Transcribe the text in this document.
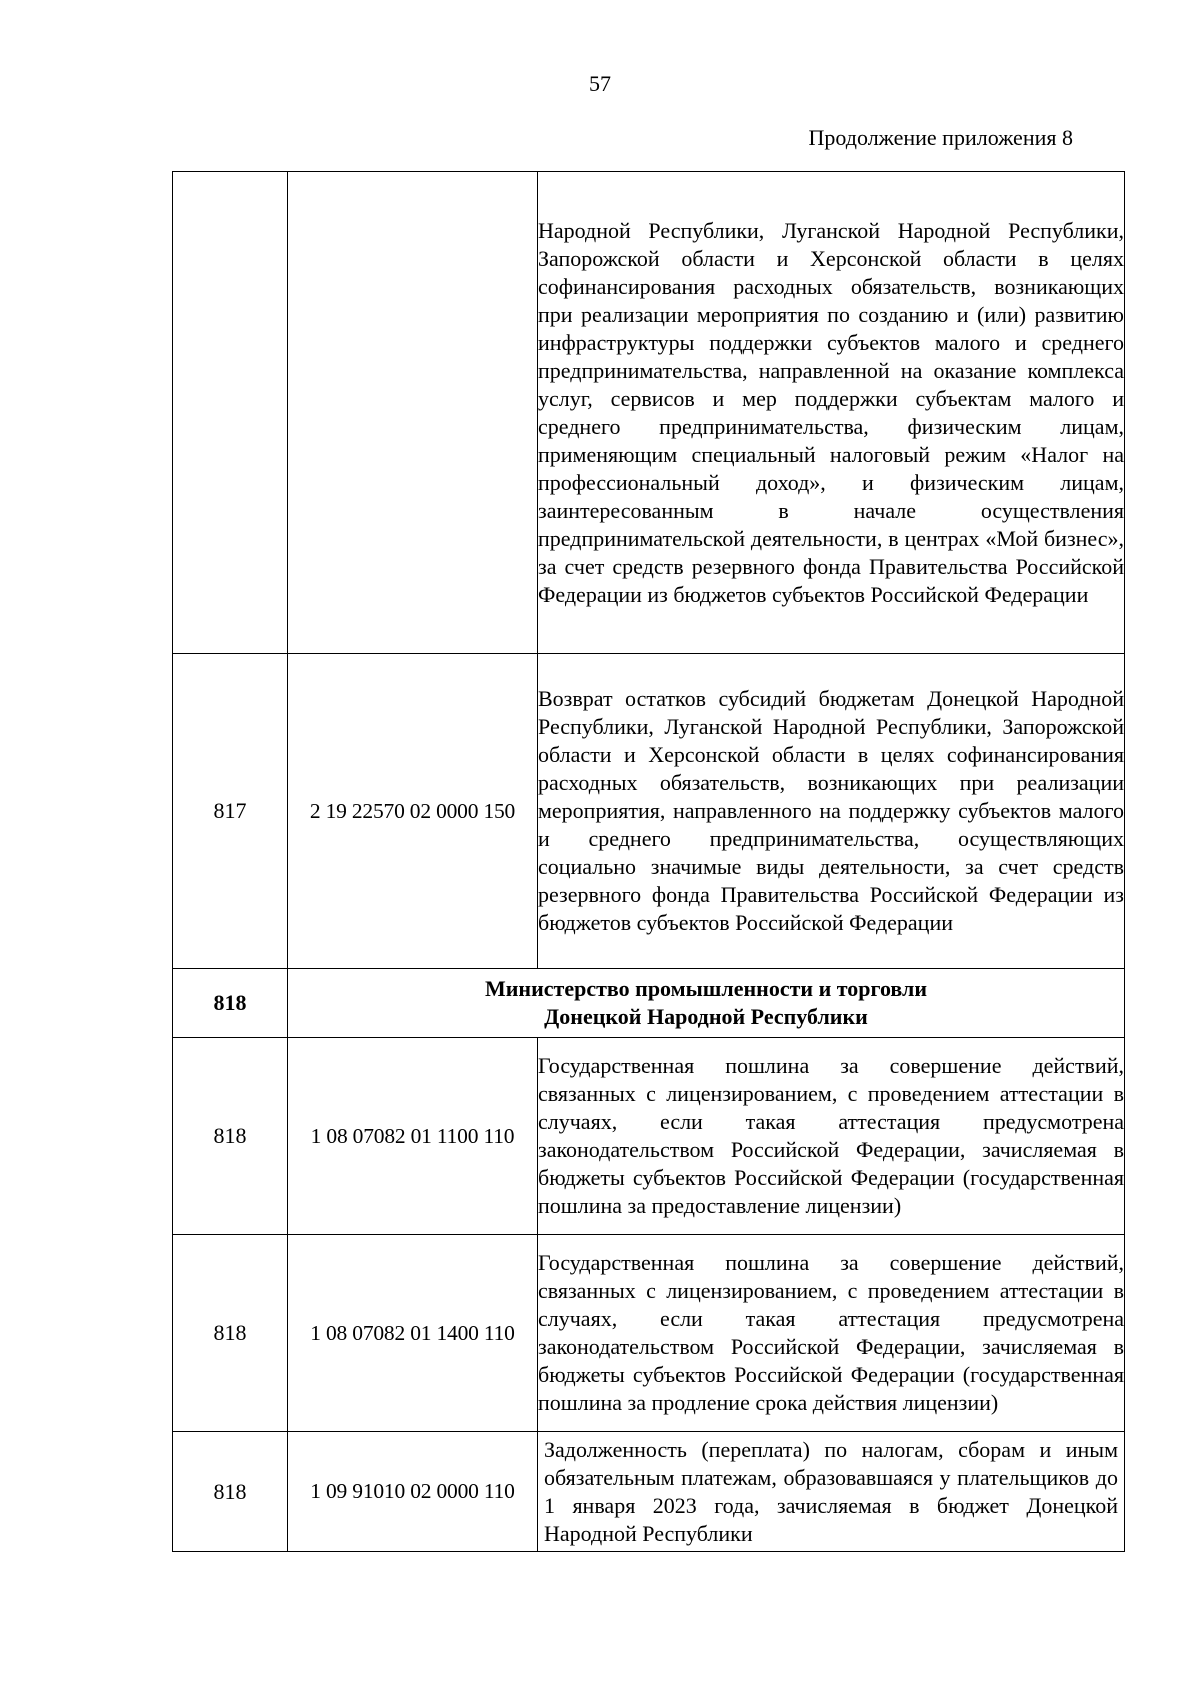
57
Продолжение приложения 8
		Народной Республики, Луганской Народной Республики, Запорожской области и Херсонской области в целях софинансирования расходных обязательств, возникающих при реализации мероприятия по созданию и (или) развитию инфраструктуры поддержки субъектов малого и среднего предпринимательства, направленной на оказание комплекса услуг, сервисов и мер поддержки субъектам малого и среднего предпринимательства, физическим лицам, применяющим специальный налоговый режим «Налог на профессиональный доход», и физическим лицам, заинтересованным в начале осуществления предпринимательской деятельности, в центрах «Мой бизнес», за счет средств резервного фонда Правительства Российской Федерации из бюджетов субъектов Российской Федерации
817	2 19 22570 02 0000 150	Возврат остатков субсидий бюджетам Донецкой Народной Республики, Луганской Народной Республики, Запорожской области и Херсонской области в целях софинансирования расходных обязательств, возникающих при реализации мероприятия, направленного на поддержку субъектов малого и среднего предпринимательства, осуществляющих социально значимые виды деятельности, за счет средств резервного фонда Правительства Российской Федерации из бюджетов субъектов Российской Федерации
818	Министерство промышленности и торговли
Донецкой Народной Республики	

818	1 08 07082 01 1100 110	Государственная пошлина за совершение действий, связанных с лицензированием, с проведением аттестации в случаях, если такая аттестация предусмотрена законодательством Российской Федерации, зачисляемая в бюджеты субъектов Российской Федерации (государственная пошлина за предоставление лицензии)
818	1 08 07082 01 1400 110	Государственная пошлина за совершение действий, связанных с лицензированием, с проведением аттестации в случаях, если такая аттестация предусмотрена законодательством Российской Федерации, зачисляемая в бюджеты субъектов Российской Федерации (государственная пошлина за продление срока действия лицензии)
818	1 09 91010 02 0000 110	Задолженность (переплата) по налогам, сборам и иным обязательным платежам, образовавшаяся у плательщиков до 1 января 2023 года, зачисляемая в бюджет Донецкой Народной Республики
